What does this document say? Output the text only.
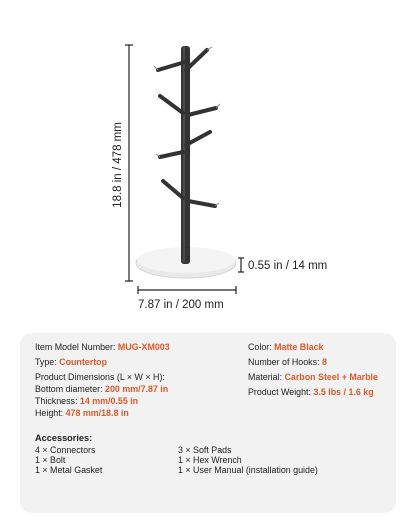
18.8 in / 478 mm
0.55 in / 14 mm
7.87 in / 200 mm
Item Model Number: MUG-XM003
Type: Countertop
Product Dimensions (L × W × H):
Bottom diameter: 200 mm/7.87 in
Thickness: 14 mm/0.55 in
Height: 478 mm/18.8 in
Color: Matte Black
Number of Hooks: 8
Material: Carbon Steel + Marble
Product Weight: 3.5 lbs / 1.6 kg
Accessories:
4 × Connectors
1 × Bolt
1 × Metal Gasket
3 × Soft Pads
1 × Hex Wrench
1 × User Manual (installation guide)
